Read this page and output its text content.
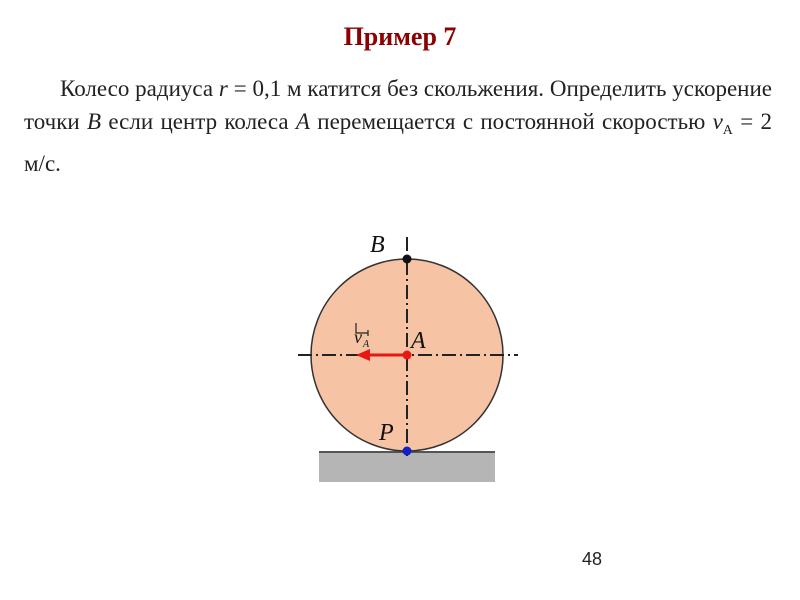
Пример 7

Колесо радиуса r = 0,1 м катится без скольжения. Определить ускорение точки B если центр колеса A перемещается с постоянной скоростью $v_A = 2$ м/с.

B
A
P
v A
48
